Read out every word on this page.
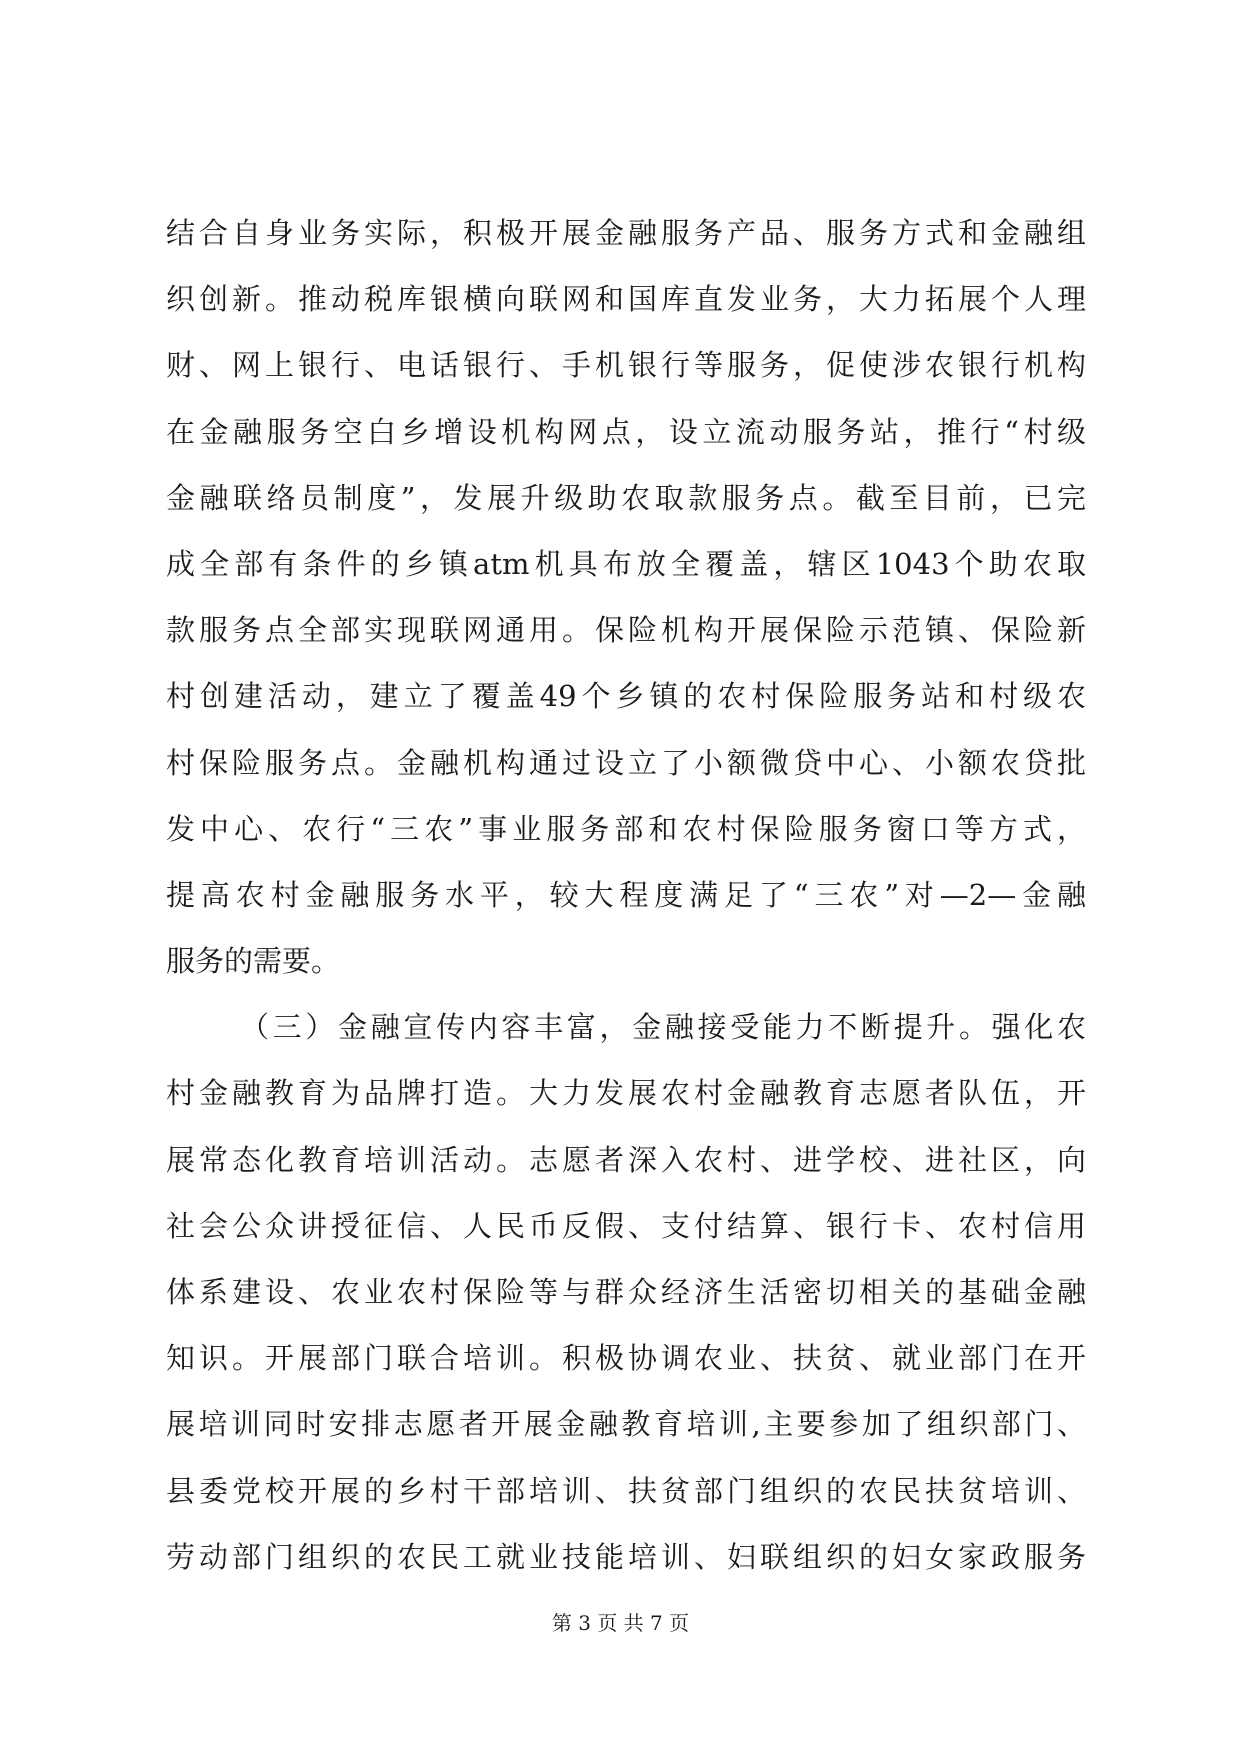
结合自身业务实际，积极开展金融服务产品、服务方式和金融组
织创新。推动税库银横向联网和国库直发业务，大力拓展个人理
财、网上银行、电话银行、手机银行等服务，促使涉农银行机构
在金融服务空白乡增设机构网点，设立流动服务站，推行“村级
金融联络员制度”，发展升级助农取款服务点。截至目前，已完
成全部有条件的乡镇atm机具布放全覆盖，辖区1043个助农取
款服务点全部实现联网通用。保险机构开展保险示范镇、保险新
村创建活动，建立了覆盖49个乡镇的农村保险服务站和村级农
村保险服务点。金融机构通过设立了小额微贷中心、小额农贷批
发中心、农行“三农”事业服务部和农村保险服务窗口等方式，
提高农村金融服务水平，较大程度满足了“三农”对—2—金融
服务的需要。
（三）金融宣传内容丰富，金融接受能力不断提升。强化农
村金融教育为品牌打造。大力发展农村金融教育志愿者队伍，开
展常态化教育培训活动。志愿者深入农村、进学校、进社区，向
社会公众讲授征信、人民币反假、支付结算、银行卡、农村信用
体系建设、农业农村保险等与群众经济生活密切相关的基础金融
知识。开展部门联合培训。积极协调农业、扶贫、就业部门在开
展培训同时安排志愿者开展金融教育培训,主要参加了组织部门、
县委党校开展的乡村干部培训、扶贫部门组织的农民扶贫培训、
劳动部门组织的农民工就业技能培训、妇联组织的妇女家政服务
第 3 页 共 7 页
